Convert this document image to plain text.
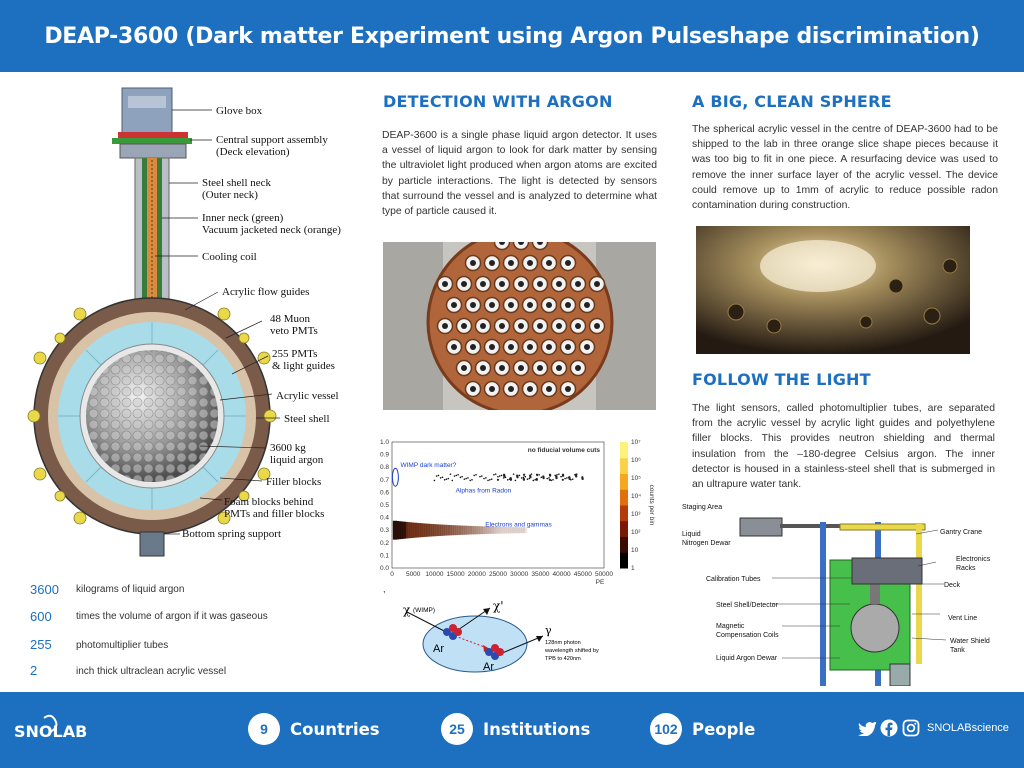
DEAP-3600 (Dark matter Experiment using Argon Pulseshape discrimination)
Glove box
Central support assembly
(Deck elevation)
Steel shell neck
(Outer neck)
Inner neck (green)
Vacuum jacketed neck (orange)
Cooling coil
Acrylic flow guides
48 Muon
veto PMTs
255 PMTs
& light guides
Acrylic vessel
Steel shell
3600 kg
liquid argon
Filler blocks
Foam blocks behind
PMTs and filler blocks
Bottom spring support
3600 kilograms of liquid argon
600 times the volume of argon if it was gaseous
255 photomultiplier tubes
2	inch thick ultraclean acrylic vessel
DETECTION WITH ARGON
DEAP-3600 is a single phase liquid argon detector. It uses a vessel of liquid argon to look for dark matter by sensing the ultraviolet light produced when argon atoms are excited by particle interactions. The light is detected by sensors that surround the vessel and is analyzed to determine what type of particle caused it.
0.0
0.1
0.2
0.3
0.4
0.5
0.6
0.7
0.8
0.9
1.0
0 5000 10000 15000 20000 25000 30000 35000 40000 45000 50000
PE
1
10
10²
10³
10⁴
10⁵
10⁶
10⁷
counts per bin
no fiducial volume cuts
WIMP dark matter?
Alphas from Radon
Electrons and gammas
,
χ (WIMP)	χ'
Ar
Ar
γ
128nm photon
wavelength shifted by
TPB to 420nm
A BIG, CLEAN SPHERE
The spherical acrylic vessel in the centre of DEAP-3600 had to be shipped to the lab in three orange slice shape pieces because it was too big to fit in one piece. A resurfacing device was used to remove the inner surface layer of the acrylic vessel. The device could remove up to 1mm of acrylic to reduce possible radon contamination during construction.
FOLLOW THE LIGHT
The light sensors, called photomultiplier tubes, are separated from the acrylic vessel by acrylic light guides and polyethylene filler blocks. This provides neutron shielding and thermal insulation from the –180-degree Celsius argon. The inner detector is housed in a stainless-steel shell that is submerged in an ultrapure water tank.
Staging Area
Liquid
Nitrogen Dewar
Gantry Crane
Electronics
Racks
Deck
Calibration Tubes
Steel Shell/Detector
Vent Line
Magnetic
Compensation Coils
Water Shield
Tank
Liquid Argon Dewar
SNOLAB	9	Countries	25	Institutions	102 People	SNOLABscience
